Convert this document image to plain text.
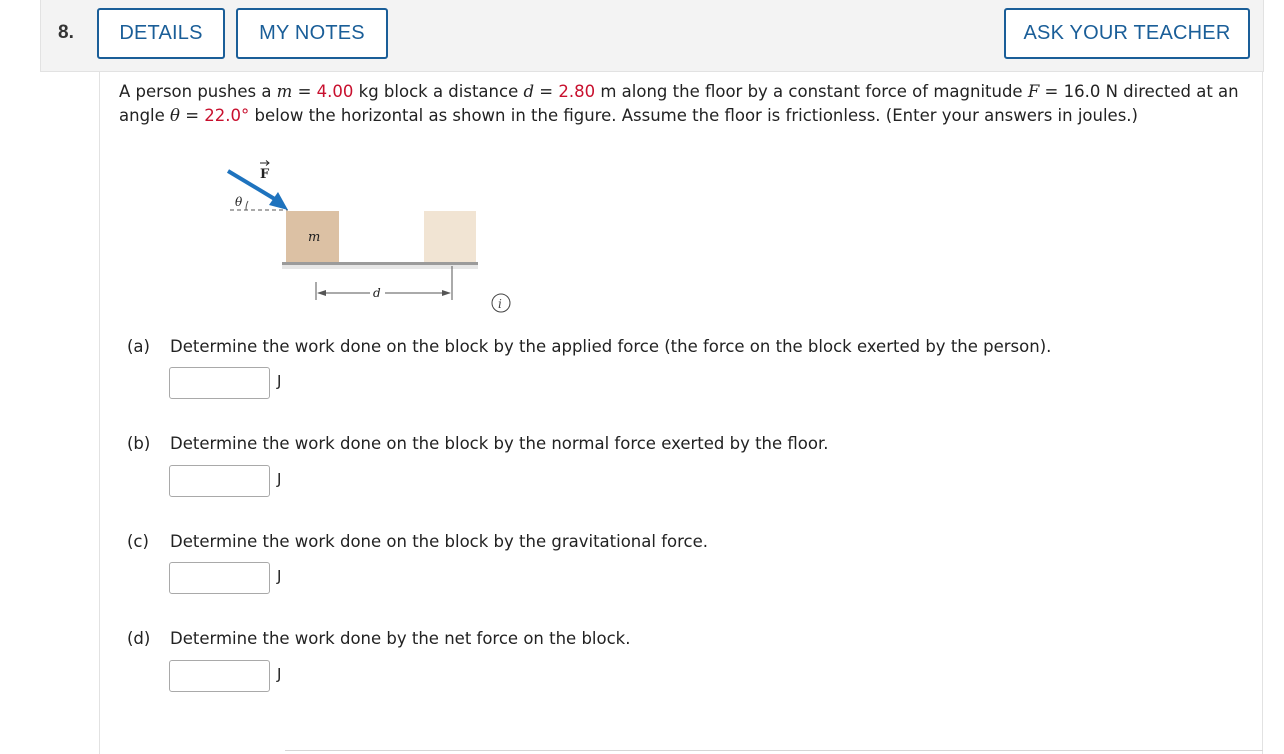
8.	DETAILS	MY NOTES	ASK YOUR TEACHER
A person pushes a m = 4.00 kg block a distance d = 2.80 m along the floor by a constant force of magnitude F = 16.0 N directed at an angle θ = 22.0° below the horizontal as shown in the figure. Assume the floor is frictionless. (Enter your answers in joules.)
θ
F
m
d
i
(a) Determine the work done on the block by the applied force (the force on the block exerted by the person).
J
(b) Determine the work done on the block by the normal force exerted by the floor.
J
(c) Determine the work done on the block by the gravitational force.
J
(d) Determine the work done by the net force on the block.
J
